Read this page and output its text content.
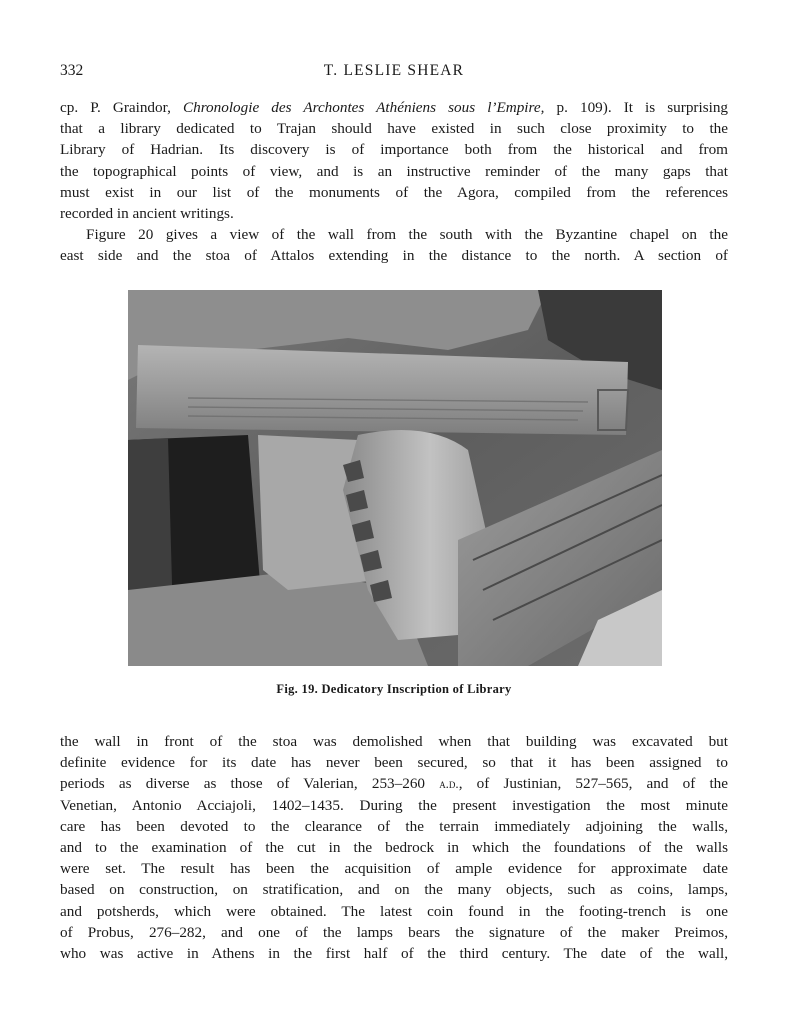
332	T. LESLIE SHEAR

cp. P. Graindor, Chronologie des Archontes Athéniens sous l’Empire, p. 109). It is surprising
that a library dedicated to Trajan should have existed in such close proximity to the
Library of Hadrian. Its discovery is of importance both from the historical and from
the topographical points of view, and is an instructive reminder of the many gaps that
must exist in our list of the monuments of the Agora, compiled from the references
recorded in ancient writings.

Figure 20 gives a view of the wall from the south with the Byzantine chapel on the
east side and the stoa of Attalos extending in the distance to the north. A section of

Fig. 19. Dedicatory Inscription of Library

the wall in front of the stoa was demolished when that building was excavated but
definite evidence for its date has never been secured, so that it has been assigned to
periods as diverse as those of Valerian, 253–260 a.d., of Justinian, 527–565, and of the
Venetian, Antonio Acciajoli, 1402–1435. During the present investigation the most minute
care has been devoted to the clearance of the terrain immediately adjoining the walls,
and to the examination of the cut in the bedrock in which the foundations of the walls
were set. The result has been the acquisition of ample evidence for approximate date
based on construction, on stratification, and on the many objects, such as coins, lamps,
and potsherds, which were obtained. The latest coin found in the footing-trench is one
of Probus, 276–282, and one of the lamps bears the signature of the maker Preimos,
who was active in Athens in the first half of the third century. The date of the wall,
